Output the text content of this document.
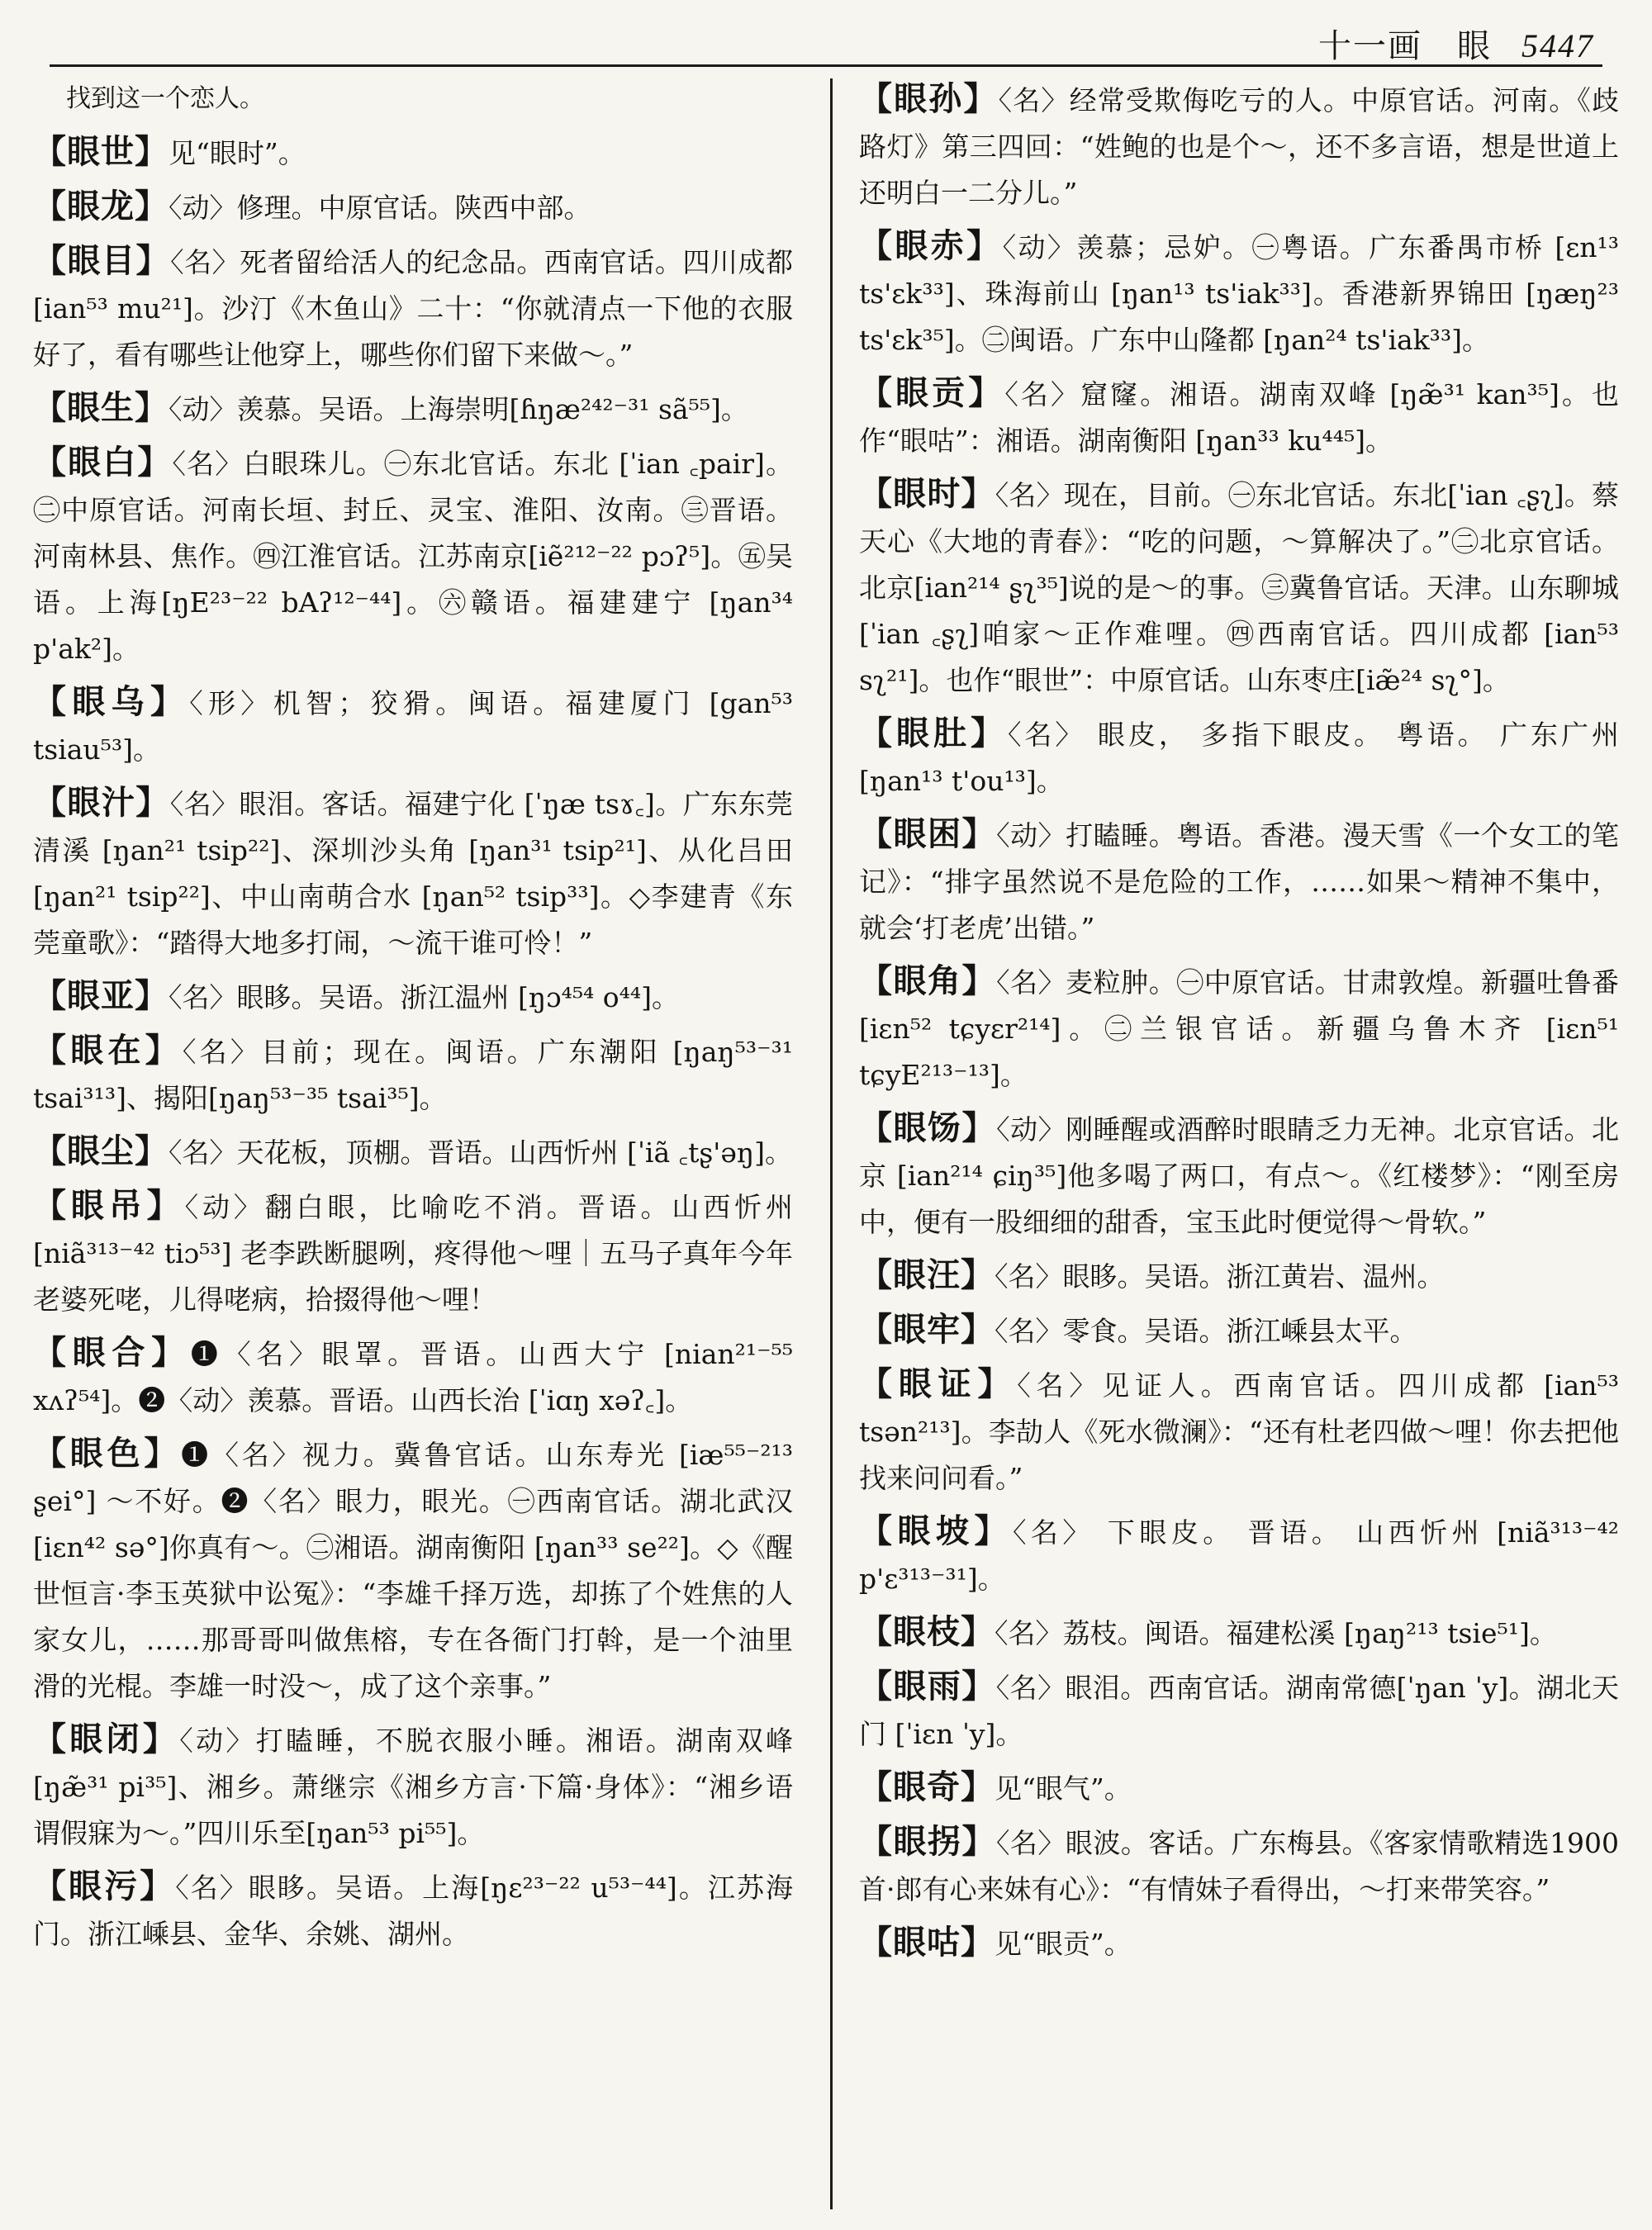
十一画　眼 5447

找到这一个恋人。

【眼世】见“眼时”。

【眼龙】〈动〉修理。中原官话。陕西中部。

【眼目】〈名〉死者留给活人的纪念品。西南官话。四川成都 [ian⁵³ mu²¹]。沙汀《木鱼山》二十：“你就清点一下他的衣服好了，看有哪些让他穿上，哪些你们留下来做～。”

【眼生】〈动〉羡慕。吴语。上海崇明[ɦŋæ²⁴²⁻³¹ sã⁵⁵]。

【眼白】〈名〉白眼珠儿。㊀东北官话。东北 [ˈian ꜀pair]。㊁中原官话。河南长垣、封丘、灵宝、淮阳、汝南。㊂晋语。河南林县、焦作。㊃江淮官话。江苏南京[iẽ²¹²⁻²² pɔʔ⁵]。㊄吴语。上海[ŋE²³⁻²² bAʔ¹²⁻⁴⁴]。㊅赣语。福建建宁 [ŋan³⁴ p'ak²]。

【眼乌】〈形〉机智；狡猾。闽语。福建厦门 [gan⁵³ tsiau⁵³]。

【眼汁】〈名〉眼泪。客话。福建宁化 [ˈŋæ tsɤ꜀]。广东东莞清溪 [ŋan²¹ tsip²²]、深圳沙头角 [ŋan³¹ tsip²¹]、从化吕田 [ŋan²¹ tsip²²]、中山南萌合水 [ŋan⁵² tsip³³]。◇李建青《东莞童歌》：“踏得大地多打闹，～流干谁可怜！”

【眼亚】〈名〉眼眵。吴语。浙江温州 [ŋɔ⁴⁵⁴ o⁴⁴]。

【眼在】〈名〉目前；现在。闽语。广东潮阳 [ŋaŋ⁵³⁻³¹ tsai³¹³]、揭阳[ŋaŋ⁵³⁻³⁵ tsai³⁵]。

【眼尘】〈名〉天花板，顶棚。晋语。山西忻州 [ˈiã ꜀tʂ'əŋ]。

【眼吊】〈动〉翻白眼，比喻吃不消。晋语。山西忻州 [niã³¹³⁻⁴² tiɔ⁵³] 老李跌断腿咧，疼得他～哩｜五马子真年今年老婆死咾，儿得咾病，拾掇得他～哩！

【眼合】❶〈名〉眼罩。晋语。山西大宁 [nian²¹⁻⁵⁵ xʌʔ⁵⁴]。❷〈动〉羡慕。晋语。山西长治 [ˈiɑŋ xəʔ꜀]。

【眼色】❶〈名〉视力。冀鲁官话。山东寿光 [iæ⁵⁵⁻²¹³ ʂei°] ～不好。❷〈名〉眼力，眼光。㊀西南官话。湖北武汉[iɛn⁴² sə°]你真有～。㊁湘语。湖南衡阳 [ŋan³³ se²²]。◇《醒世恒言·李玉英狱中讼冤》：“李雄千择万选，却拣了个姓焦的人家女儿，……那哥哥叫做焦榕，专在各衙门打斡，是一个油里滑的光棍。李雄一时没～，成了这个亲事。”

【眼闭】〈动〉打瞌睡，不脱衣服小睡。湘语。湖南双峰[ŋæ̃³¹ pi³⁵]、湘乡。萧继宗《湘乡方言·下篇·身体》：“湘乡语谓假寐为～。”四川乐至[ŋan⁵³ pi⁵⁵]。

【眼污】〈名〉眼眵。吴语。上海[ŋɛ²³⁻²² u⁵³⁻⁴⁴]。江苏海门。浙江嵊县、金华、余姚、湖州。

【眼孙】〈名〉经常受欺侮吃亏的人。中原官话。河南。《歧路灯》第三四回：“姓鲍的也是个～，还不多言语，想是世道上还明白一二分儿。”

【眼赤】〈动〉羡慕；忌妒。㊀粤语。广东番禺市桥 [ɛn¹³ ts'ɛk³³]、珠海前山 [ŋan¹³ ts'iak³³]。香港新界锦田 [ŋæŋ²³ ts'ɛk³⁵]。㊁闽语。广东中山隆都 [ŋan²⁴ ts'iak³³]。

【眼贡】〈名〉窟窿。湘语。湖南双峰 [ŋæ̃³¹ kan³⁵]。也作“眼咕”：湘语。湖南衡阳 [ŋan³³ ku⁴⁴⁵]。

【眼时】〈名〉现在，目前。㊀东北官话。东北[ˈian ꜀ʂʅ]。蔡天心《大地的青春》：“吃的问题，～算解决了。”㊁北京官话。北京[ian²¹⁴ ʂʅ³⁵]说的是～的事。㊂冀鲁官话。天津。山东聊城[ˈian ꜀ʂʅ]咱家～正作难哩。㊃西南官话。四川成都 [ian⁵³ sʅ²¹]。也作“眼世”：中原官话。山东枣庄[iæ̃²⁴ sʅ°]。

【眼肚】〈名〉 眼皮， 多指下眼皮。 粤语。 广东广州 [ŋan¹³ t'ou¹³]。

【眼困】〈动〉打瞌睡。粤语。香港。漫天雪《一个女工的笔记》：“排字虽然说不是危险的工作，……如果～精神不集中，就会‘打老虎’出错。”

【眼角】〈名〉麦粒肿。㊀中原官话。甘肃敦煌。新疆吐鲁番 [iɛn⁵² tɕyɛr²¹⁴]。㊁兰银官话。新疆乌鲁木齐 [iɛn⁵¹ tɕyE²¹³⁻¹³]。

【眼饧】〈动〉刚睡醒或酒醉时眼睛乏力无神。北京官话。北京 [ian²¹⁴ ɕiŋ³⁵]他多喝了两口，有点～。《红楼梦》：“刚至房中，便有一股细细的甜香，宝玉此时便觉得～骨软。”

【眼汪】〈名〉眼眵。吴语。浙江黄岩、温州。

【眼牢】〈名〉零食。吴语。浙江嵊县太平。

【眼证】〈名〉见证人。西南官话。四川成都 [ian⁵³ tsən²¹³]。李劼人《死水微澜》：“还有杜老四做～哩！你去把他找来问问看。”

【眼坡】〈名〉 下眼皮。 晋语。 山西忻州 [niã³¹³⁻⁴² p'ɛ³¹³⁻³¹]。

【眼枝】〈名〉荔枝。闽语。福建松溪 [ŋaŋ²¹³ tsie⁵¹]。

【眼雨】〈名〉眼泪。西南官话。湖南常德[ˈŋan ˈy]。湖北天门 [ˈiɛn ˈy]。

【眼奇】见“眼气”。

【眼拐】〈名〉眼波。客话。广东梅县。《客家情歌精选1900首·郎有心来妹有心》：“有情妹子看得出，～打来带笑容。”

【眼咕】见“眼贡”。
